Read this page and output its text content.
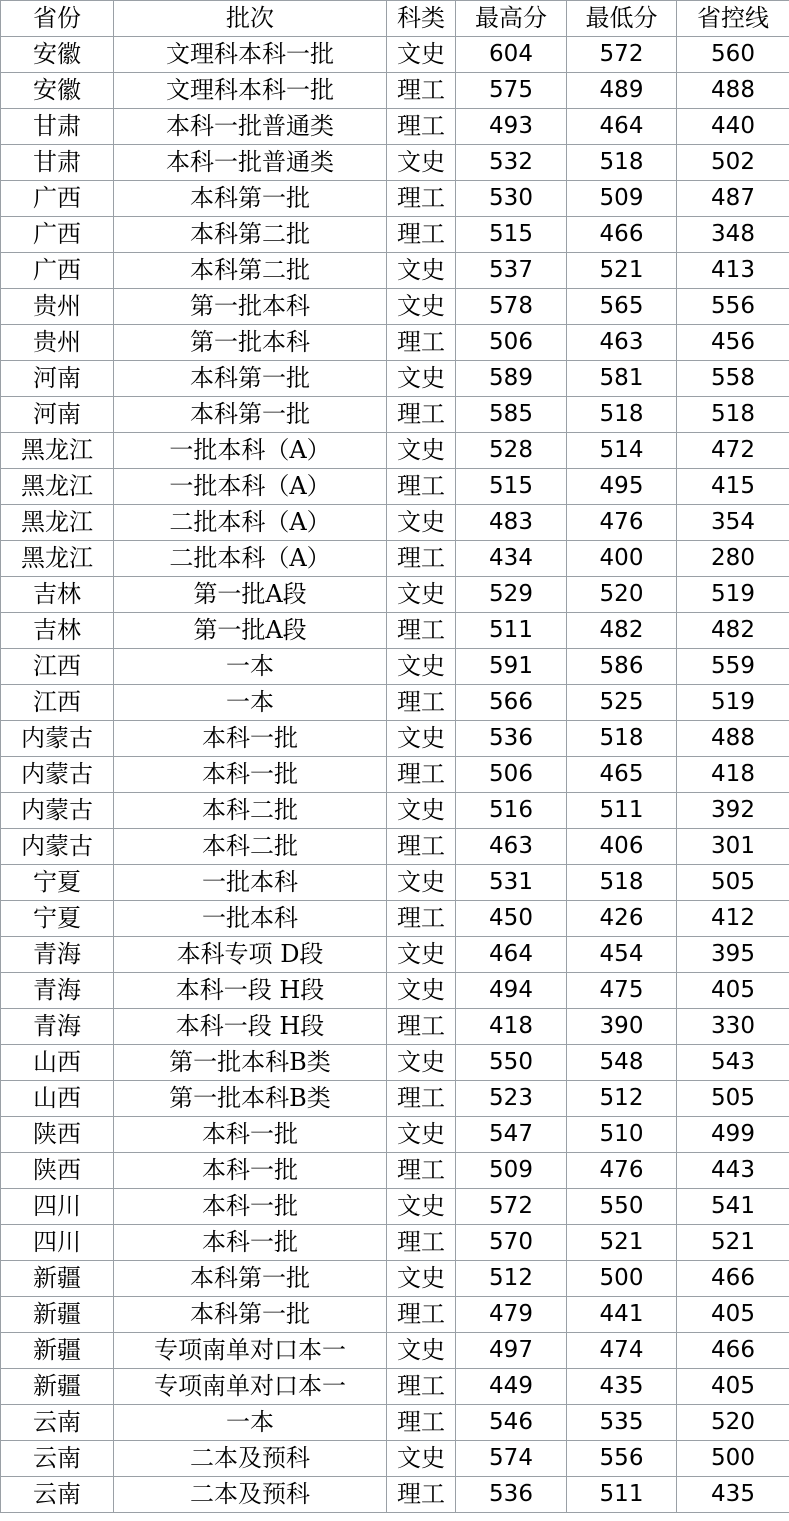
省份	批次	科类	最高分	最低分	省控线
安徽	文理科本科一批	文史	604	572	560
安徽	文理科本科一批	理工	575	489	488
甘肃	本科一批普通类	理工	493	464	440
甘肃	本科一批普通类	文史	532	518	502
广西	本科第一批	理工	530	509	487
广西	本科第二批	理工	515	466	348
广西	本科第二批	文史	537	521	413
贵州	第一批本科	文史	578	565	556
贵州	第一批本科	理工	506	463	456
河南	本科第一批	文史	589	581	558
河南	本科第一批	理工	585	518	518
黑龙江	一批本科（A）	文史	528	514	472
黑龙江	一批本科（A）	理工	515	495	415
黑龙江	二批本科（A）	文史	483	476	354
黑龙江	二批本科（A）	理工	434	400	280
吉林	第一批A段	文史	529	520	519
吉林	第一批A段	理工	511	482	482
江西	一本	文史	591	586	559
江西	一本	理工	566	525	519
内蒙古	本科一批	文史	536	518	488
内蒙古	本科一批	理工	506	465	418
内蒙古	本科二批	文史	516	511	392
内蒙古	本科二批	理工	463	406	301
宁夏	一批本科	文史	531	518	505
宁夏	一批本科	理工	450	426	412
青海	本科专项 D段	文史	464	454	395
青海	本科一段 H段	文史	494	475	405
青海	本科一段 H段	理工	418	390	330
山西	第一批本科B类	文史	550	548	543
山西	第一批本科B类	理工	523	512	505
陕西	本科一批	文史	547	510	499
陕西	本科一批	理工	509	476	443
四川	本科一批	文史	572	550	541
四川	本科一批	理工	570	521	521
新疆	本科第一批	文史	512	500	466
新疆	本科第一批	理工	479	441	405
新疆	专项南单对口本一	文史	497	474	466
新疆	专项南单对口本一	理工	449	435	405
云南	一本	理工	546	535	520
云南	二本及预科	文史	574	556	500
云南	二本及预科	理工	536	511	435
